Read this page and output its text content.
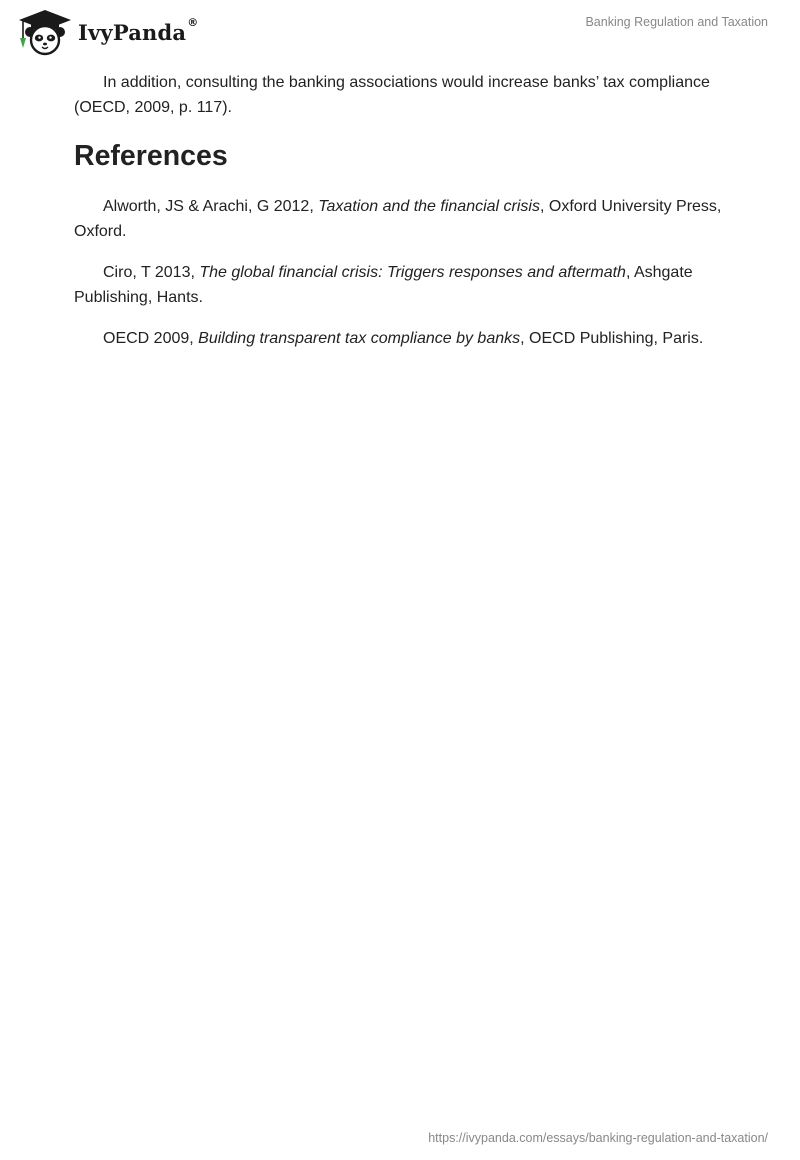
IvyPanda ®	Banking Regulation and Taxation

In addition, consulting the banking associations would increase banks’ tax compliance (OECD, 2009, p. 117).

References

Alworth, JS & Arachi, G 2012, Taxation and the financial crisis, Oxford University Press, Oxford.

Ciro, T 2013, The global financial crisis: Triggers responses and aftermath, Ashgate Publishing, Hants.

OECD 2009, Building transparent tax compliance by banks, OECD Publishing, Paris.

https://ivypanda.com/essays/banking-regulation-and-taxation/
